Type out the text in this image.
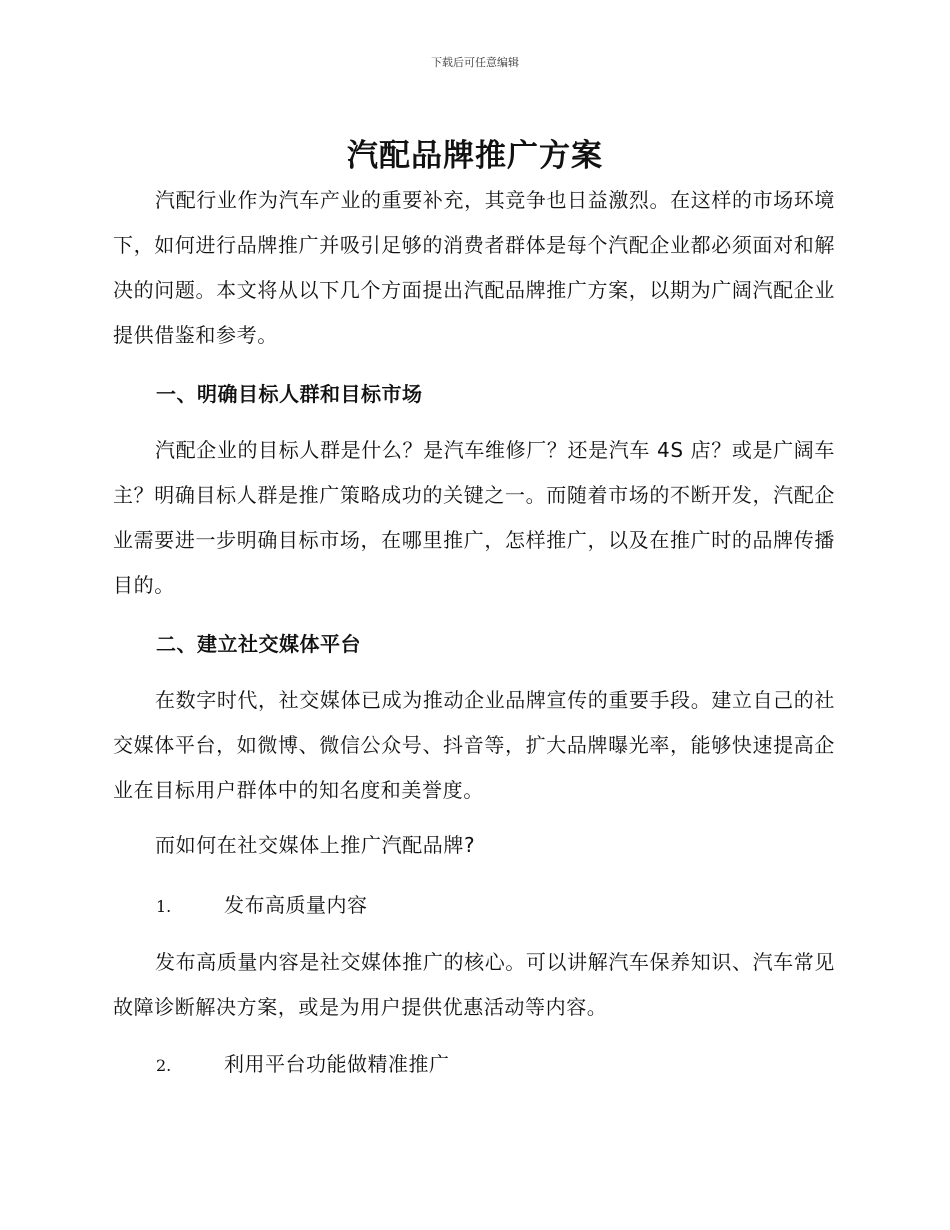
下载后可任意编辑
汽配品牌推广方案

汽配行业作为汽车产业的重要补充，其竞争也日益激烈。在这样的市场环境下，如何进行品牌推广并吸引足够的消费者群体是每个汽配企业都必须面对和解决的问题。本文将从以下几个方面提出汽配品牌推广方案，以期为广阔汽配企业提供借鉴和参考。

一、明确目标人群和目标市场

汽配企业的目标人群是什么？是汽车维修厂？还是汽车 4S 店？或是广阔车主？明确目标人群是推广策略成功的关键之一。而随着市场的不断开发，汽配企业需要进一步明确目标市场，在哪里推广，怎样推广，以及在推广时的品牌传播目的。

二、建立社交媒体平台

在数字时代，社交媒体已成为推动企业品牌宣传的重要手段。建立自己的社交媒体平台，如微博、微信公众号、抖音等，扩大品牌曝光率，能够快速提高企业在目标用户群体中的知名度和美誉度。

而如何在社交媒体上推广汽配品牌?

1.	发布高质量内容

发布高质量内容是社交媒体推广的核心。可以讲解汽车保养知识、汽车常见故障诊断解决方案，或是为用户提供优惠活动等内容。

2.	利用平台功能做精准推广
